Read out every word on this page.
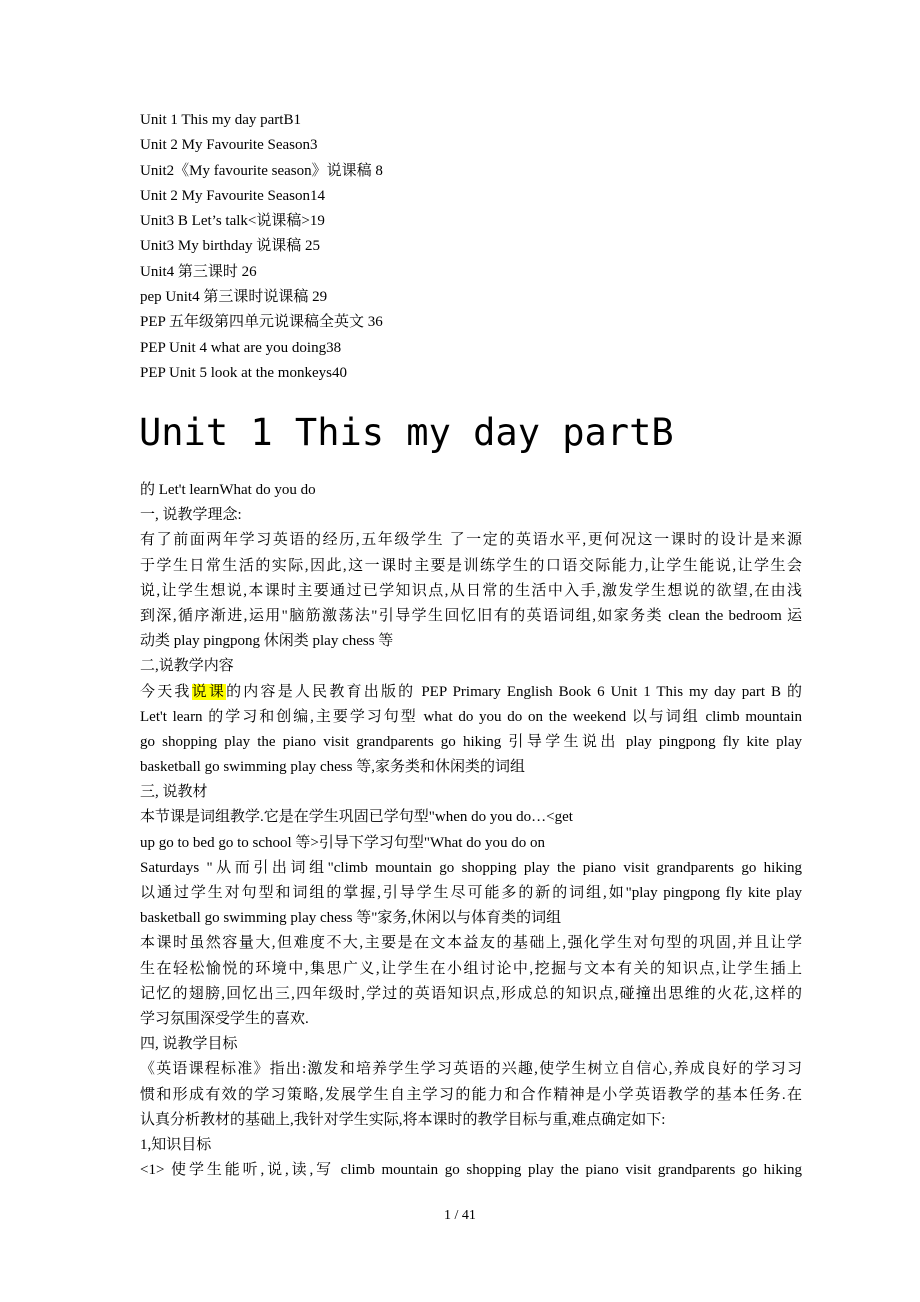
Unit 1 This my day partB1
Unit 2 My Favourite Season3
Unit2《My favourite season》说课稿 8
Unit 2 My Favourite Season14
Unit3 B Let’s talk<说课稿>19
Unit3 My birthday 说课稿 25
Unit4 第三课时 26
pep Unit4 第三课时说课稿 29
PEP 五年级第四单元说课稿全英文 36
PEP Unit 4 what are you doing38
PEP Unit 5 look at the monkeys40
Unit 1 This my day partB
的 Let't learnWhat do you do
一, 说教学理念:
有了前面两年学习英语的经历,五年级学生 了一定的英语水平,更何况这一课时的设计是来源
于学生日常生活的实际,因此,这一课时主要是训练学生的口语交际能力,让学生能说,让学生会
说,让学生想说,本课时主要通过已学知识点,从日常的生活中入手,激发学生想说的欲望,在由浅
到深,循序渐进,运用"脑筋激荡法"引导学生回忆旧有的英语词组,如家务类 clean the bedroom 运
动类 play pingpong 休闲类 play chess 等
二,说教学内容
今天我说课的内容是人民教育出版的 PEP Primary English Book 6 Unit 1 This my day part B 的
Let't learn 的学习和创编,主要学习句型 what do you do on the weekend 以与词组 climb mountain
go shopping play the piano visit grandparents go hiking 引导学生说出 play pingpong fly kite play
basketball go swimming play chess 等,家务类和休闲类的词组
三, 说教材
本节课是词组教学.它是在学生巩固已学句型"when do you do…<get
up go to bed go to school 等>引导下学习句型"What do you do on
Saturdays "从而引出词组"climb mountain go shopping play the piano visit grandparents go hiking
以通过学生对句型和词组的掌握,引导学生尽可能多的新的词组,如"play pingpong fly kite play
basketball go swimming play chess 等"家务,休闲以与体育类的词组
本课时虽然容量大,但难度不大,主要是在文本益友的基础上,强化学生对句型的巩固,并且让学
生在轻松愉悦的环境中,集思广义,让学生在小组讨论中,挖掘与文本有关的知识点,让学生插上
记忆的翅膀,回忆出三,四年级时,学过的英语知识点,形成总的知识点,碰撞出思维的火花,这样的
学习氛围深受学生的喜欢.
四, 说教学目标
《英语课程标准》指出:激发和培养学生学习英语的兴趣,使学生树立自信心,养成良好的学习习
惯和形成有效的学习策略,发展学生自主学习的能力和合作精神是小学英语教学的基本任务.在
认真分析教材的基础上,我针对学生实际,将本课时的教学目标与重,难点确定如下:
1,知识目标
<1> 使学生能听,说,读,写 climb mountain go shopping play the piano visit grandparents go hiking
1 / 41
